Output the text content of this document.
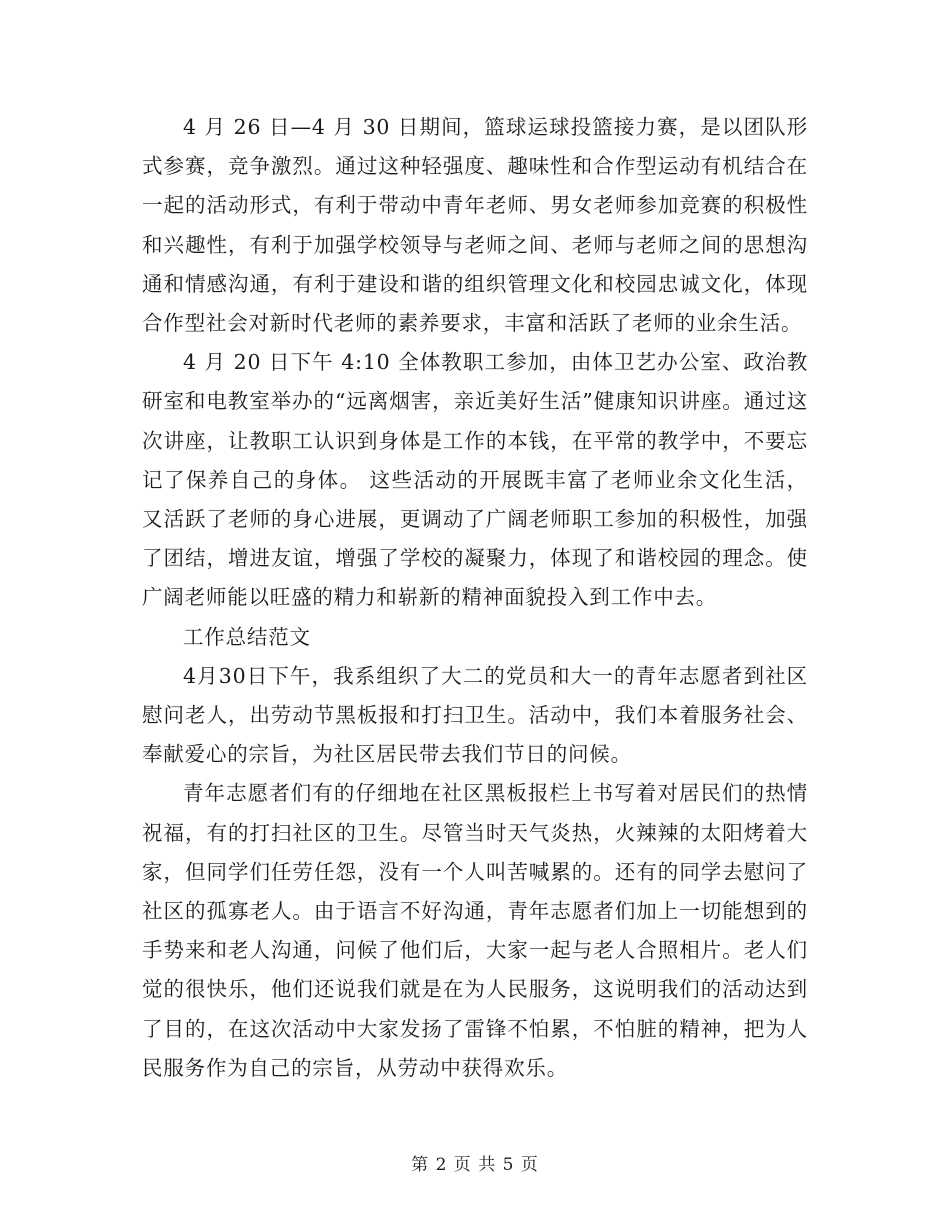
4 月 26 日—4 月 30 日期间，篮球运球投篮接力赛，是以团队形式参赛，竞争激烈。通过这种轻强度、趣味性和合作型运动有机结合在一起的活动形式，有利于带动中青年老师、男女老师参加竞赛的积极性和兴趣性，有利于加强学校领导与老师之间、老师与老师之间的思想沟通和情感沟通，有利于建设和谐的组织管理文化和校园忠诚文化，体现合作型社会对新时代老师的素养要求，丰富和活跃了老师的业余生活。

4 月 20 日下午 4:10 全体教职工参加，由体卫艺办公室、政治教研室和电教室举办的“远离烟害，亲近美好生活”健康知识讲座。通过这次讲座，让教职工认识到身体是工作的本钱，在平常的教学中，不要忘记了保养自己的身体。 这些活动的开展既丰富了老师业余文化生活，又活跃了老师的身心进展，更调动了广阔老师职工参加的积极性，加强了团结，增进友谊，增强了学校的凝聚力，体现了和谐校园的理念。使广阔老师能以旺盛的精力和崭新的精神面貌投入到工作中去。

工作总结范文

4月30日下午，我系组织了大二的党员和大一的青年志愿者到社区慰问老人，出劳动节黑板报和打扫卫生。活动中，我们本着服务社会、奉献爱心的宗旨，为社区居民带去我们节日的问候。

青年志愿者们有的仔细地在社区黑板报栏上书写着对居民们的热情祝福，有的打扫社区的卫生。尽管当时天气炎热，火辣辣的太阳烤着大家，但同学们任劳任怨，没有一个人叫苦喊累的。还有的同学去慰问了社区的孤寡老人。由于语言不好沟通，青年志愿者们加上一切能想到的手势来和老人沟通，问候了他们后，大家一起与老人合照相片。老人们觉的很快乐，他们还说我们就是在为人民服务，这说明我们的活动达到了目的，在这次活动中大家发扬了雷锋不怕累，不怕脏的精神，把为人民服务作为自己的宗旨，从劳动中获得欢乐。

第 2 页 共 5 页
